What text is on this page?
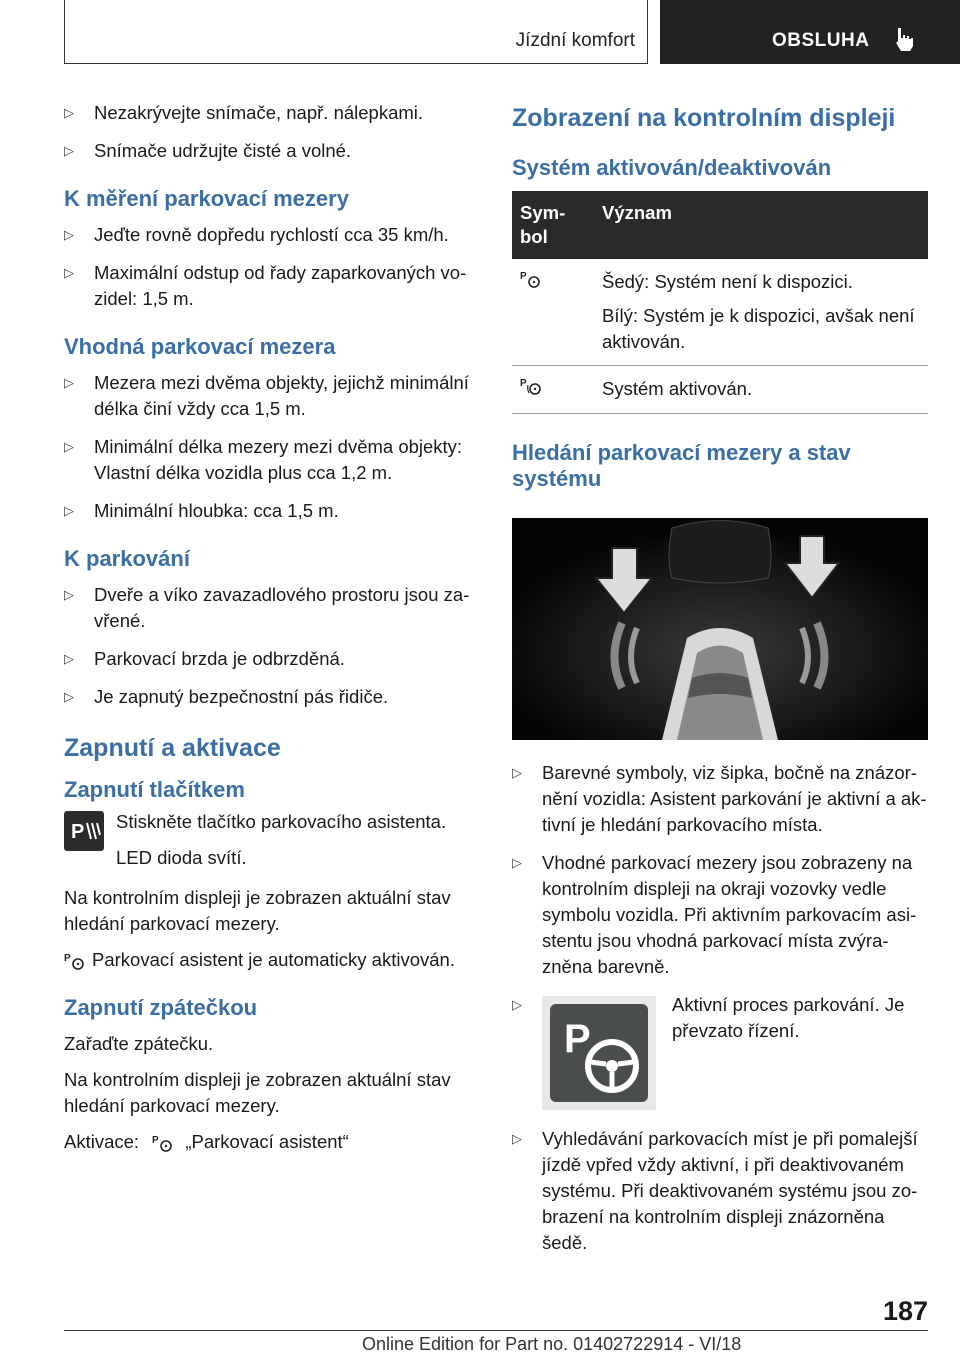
Jízdní komfort	OBSLUHA
▷	Nezakrývejte snímače, např. nálepkami.
▷	Snímače udržujte čisté a volné.
K měření parkovací mezery
▷	Jeďte rovně dopředu rychlostí cca 35 km/h.
▷	Maximální odstup od řady zaparkovaných vo-zidel: 1,5 m.
Vhodná parkovací mezera
▷	Mezera mezi dvěma objekty, jejichž minimální délka činí vždy cca 1,5 m.
▷	Minimální délka mezery mezi dvěma objekty: Vlastní délka vozidla plus cca 1,2 m.
▷	Minimální hloubka: cca 1,5 m.
K parkování
▷	Dveře a víko zavazadlového prostoru jsou za-vřené.
▷	Parkovací brzda je odbrzděná.
▷	Je zapnutý bezpečnostní pás řidiče.
Zapnutí a aktivace
Zapnutí tlačítkem
P Stiskněte tlačítko parkovacího asistenta.

LED dioda svítí.

Na kontrolním displeji je zobrazen aktuální stav hledání parkovací mezery.

P Parkovací asistent je automaticky aktivován.

Zapnutí zpátečkou

Zařaďte zpátečku.

Na kontrolním displeji je zobrazen aktuální stav hledání parkovací mezery.

Aktivace: P „Parkovací asistent“

Zobrazení na kontrolním displeji
Systém aktivován/deaktivován
Sym-bol	Význam

P	Šedý: Systém není k dispozici.
Bílý: Systém je k dispozici, avšak není aktivován.

P	Systém aktivován.
Hledání parkovací mezery a stav systému
▷	Barevné symboly, viz šipka, bočně na znázor-nění vozidla: Asistent parkování je aktivní a ak-tivní je hledání parkovacího místa.
▷	Vhodné parkovací mezery jsou zobrazeny na kontrolním displeji na okraji vozovky vedle symbolu vozidla. Při aktivním parkovacím asi-stentu jsou vhodná parkovací místa zvýra-zněna barevně.
▷
P
Aktivní proces parkování. Je převzato řízení.
▷	Vyhledávání parkovacích míst je při pomalejší jízdě vpřed vždy aktivní, i při deaktivovaném systému. Při deaktivovaném systému jsou zo-brazení na kontrolním displeji znázorněna šedě.
187
Online Edition for Part no. 01402722914 - VI/18
